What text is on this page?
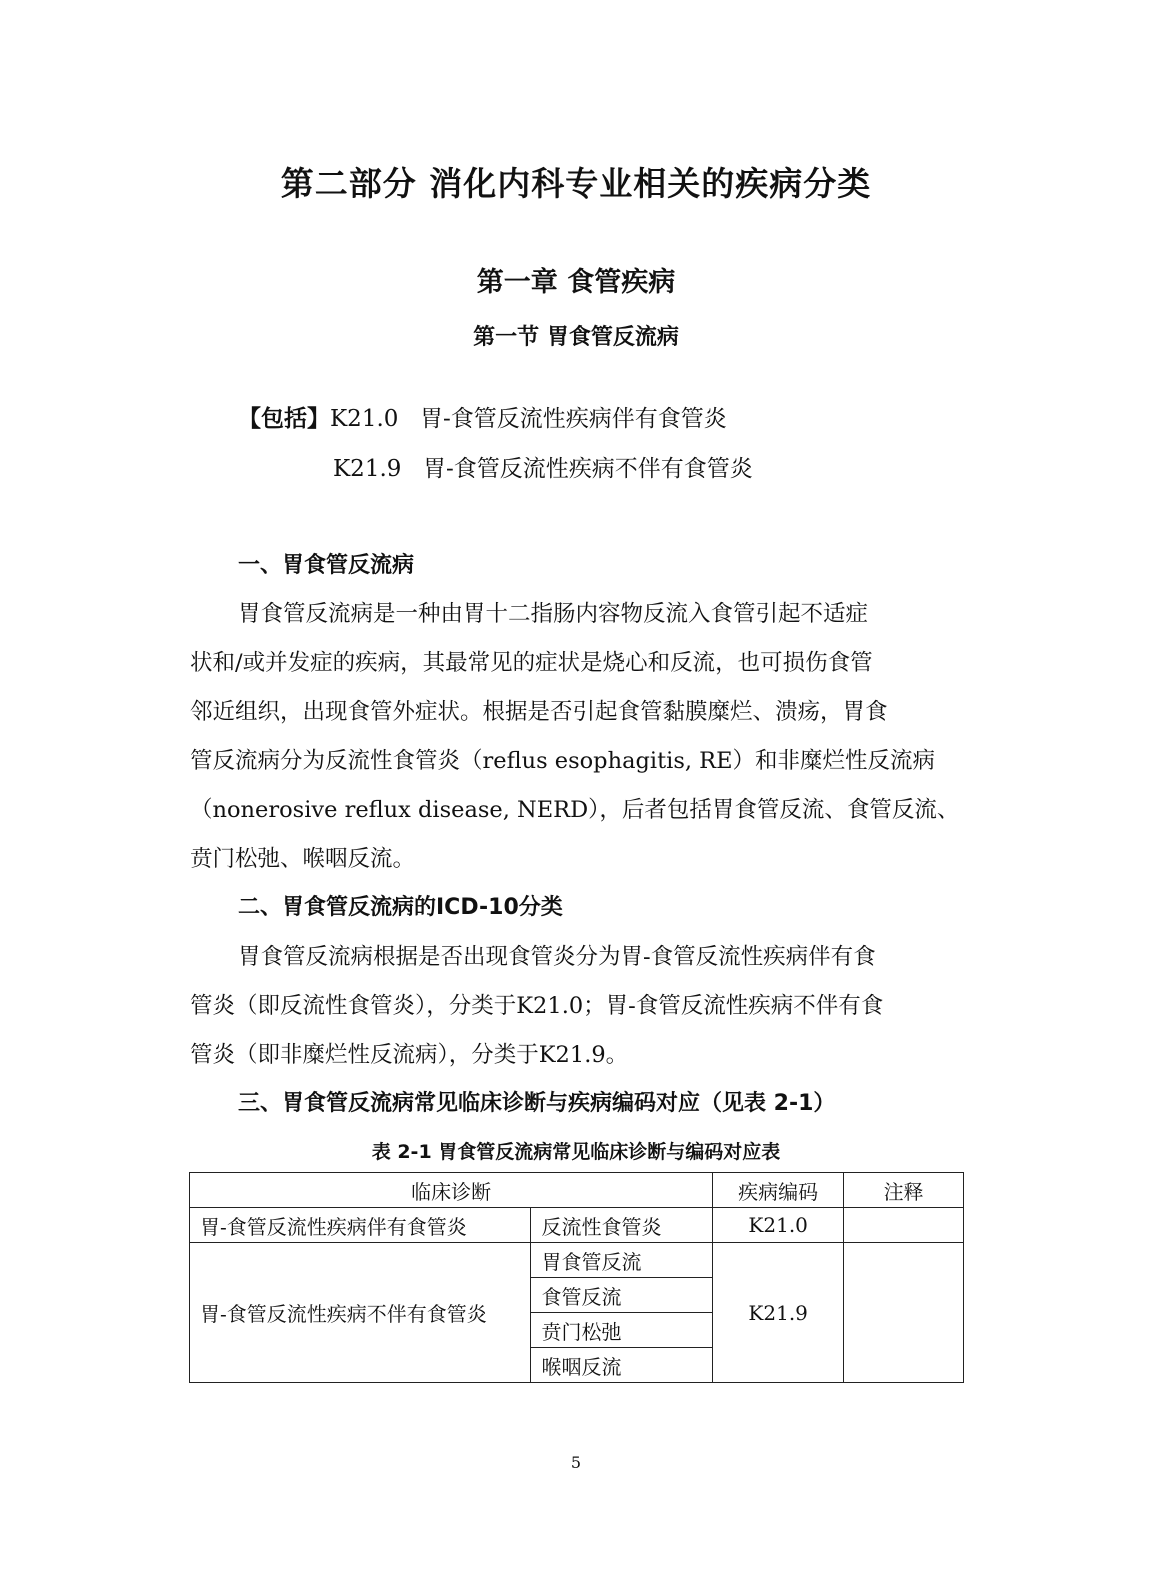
第二部分 消化内科专业相关的疾病分类
第一章 食管疾病
第一节 胃食管反流病
【包括】K21.0 胃-食管反流性疾病伴有食管炎
K21.9 胃-食管反流性疾病不伴有食管炎
一、胃食管反流病
胃食管反流病是一种由胃十二指肠内容物反流入食管引起不适症
状和/或并发症的疾病，其最常见的症状是烧心和反流，也可损伤食管
邻近组织，出现食管外症状。根据是否引起食管黏膜糜烂、溃疡，胃食
管反流病分为反流性食管炎（reflus esophagitis, RE）和非糜烂性反流病
（nonerosive reflux disease, NERD），后者包括胃食管反流、食管反流、
贲门松弛、喉咽反流。
二、胃食管反流病的ICD-10分类
胃食管反流病根据是否出现食管炎分为胃-食管反流性疾病伴有食
管炎（即反流性食管炎），分类于K21.0；胃-食管反流性疾病不伴有食
管炎（即非糜烂性反流病），分类于K21.9。
三、胃食管反流病常见临床诊断与疾病编码对应（见表 2-1）
表 2-1 胃食管反流病常见临床诊断与编码对应表
临床诊断		疾病编码	注释
胃-食管反流性疾病伴有食管炎	反流性食管炎	K21.0	
胃-食管反流性疾病不伴有食管炎	胃食管反流	K21.9	
	食管反流		
	贲门松弛		
	喉咽反流		
5
